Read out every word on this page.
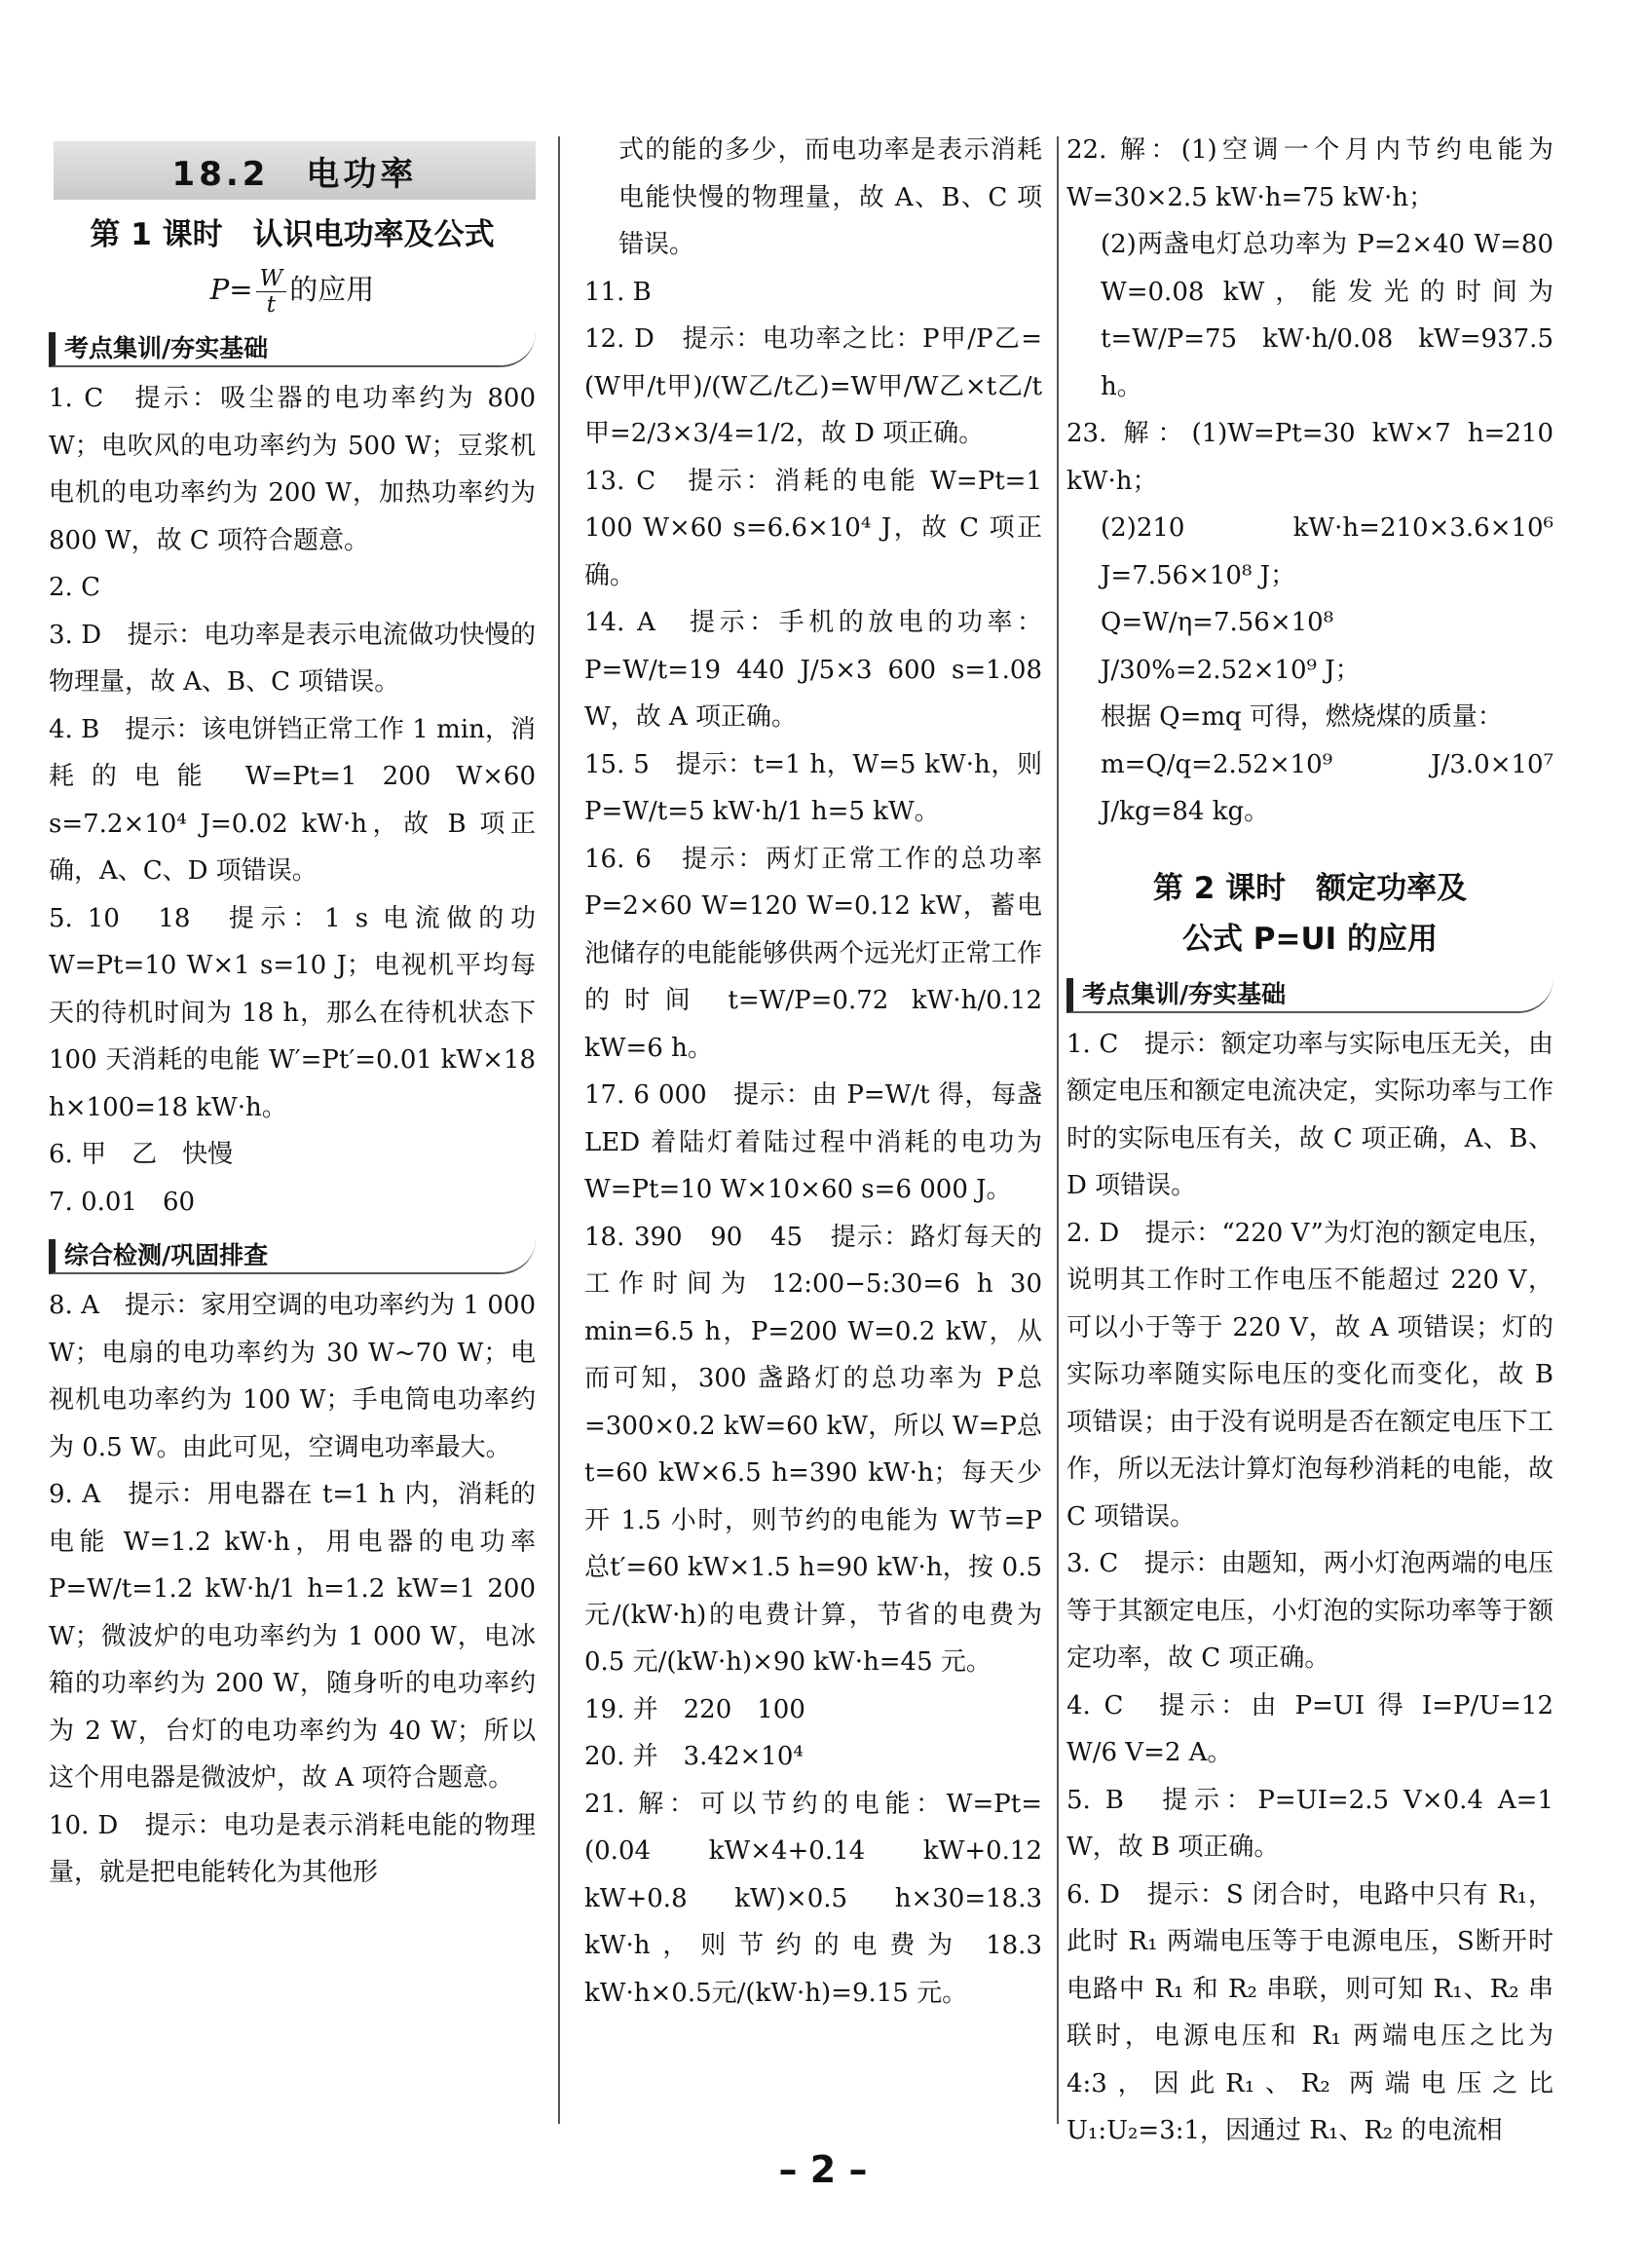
18.2　电功率
第 1 课时　认识电功率及公式
$P= \frac{W}{t}$ 的应用
考点集训/夯实基础
1. C　提示：吸尘器的电功率约为 800 W；电吹风的电功率约为 500 W；豆浆机电机的电功率约为 200 W，加热功率约为 800 W，故 C 项符合题意。
2. C
3. D　提示：电功率是表示电流做功快慢的物理量，故 A、B、C 项错误。
4. B　提示：该电饼铛正常工作 1 min，消耗的电能 W=Pt=1 200 W×60 s=7.2×10⁴ J=0.02 kW·h，故 B 项正确，A、C、D 项错误。
5. 10　18　提示：1 s 电流做的功 W=Pt=10 W×1 s=10 J；电视机平均每天的待机时间为 18 h，那么在待机状态下 100 天消耗的电能 W′=Pt′=0.01 kW×18 h×100=18 kW·h。
6. 甲　乙　快慢
7. 0.01　60
综合检测/巩固排查
8. A　提示：家用空调的电功率约为 1 000 W；电扇的电功率约为 30 W~70 W；电视机电功率约为 100 W；手电筒电功率约为 0.5 W。由此可见，空调电功率最大。
9. A　提示：用电器在 t=1 h 内，消耗的电能 W=1.2 kW·h，用电器的电功率 P=W/t=1.2 kW·h/1 h=1.2 kW=1 200 W；微波炉的电功率约为 1 000 W，电冰箱的功率约为 200 W，随身听的电功率约为 2 W，台灯的电功率约为 40 W；所以这个用电器是微波炉，故 A 项符合题意。
10. D　提示：电功是表示消耗电能的物理量，就是把电能转化为其他形
式的能的多少，而电功率是表示消耗电能快慢的物理量，故 A、B、C 项错误。
11. B
12. D　提示：电功率之比：P甲/P乙=(W甲/t甲)/(W乙/t乙)=W甲/W乙×t乙/t甲=2/3×3/4=1/2，故 D 项正确。
13. C　提示：消耗的电能 W=Pt=1 100 W×60 s=6.6×10⁴ J，故 C 项正确。
14. A　提示：手机的放电的功率：P=W/t=19 440 J/5×3 600 s=1.08 W，故 A 项正确。
15. 5　提示：t=1 h，W=5 kW·h，则 P=W/t=5 kW·h/1 h=5 kW。
16. 6　提示：两灯正常工作的总功率 P=2×60 W=120 W=0.12 kW，蓄电池储存的电能能够供两个远光灯正常工作的时间 t=W/P=0.72 kW·h/0.12 kW=6 h。
17. 6 000　提示：由 P=W/t 得，每盏 LED 着陆灯着陆过程中消耗的电功为 W=Pt=10 W×10×60 s=6 000 J。
18. 390　90　45　提示：路灯每天的工作时间为 12:00−5:30=6 h 30 min=6.5 h，P=200 W=0.2 kW，从而可知，300 盏路灯的总功率为 P总=300×0.2 kW=60 kW，所以 W=P总t=60 kW×6.5 h=390 kW·h；每天少开 1.5 小时，则节约的电能为 W节=P总t′=60 kW×1.5 h=90 kW·h，按 0.5 元/(kW·h)的电费计算，节省的电费为0.5 元/(kW·h)×90 kW·h=45 元。
19. 并　220　100
20. 并　3.42×10⁴
21. 解：可以节约的电能：W=Pt=(0.04 kW×4+0.14 kW+0.12 kW+0.8 kW)×0.5 h×30=18.3 kW·h，则节约的电费为 18.3 kW·h×0.5元/(kW·h)=9.15 元。
22. 解：(1)空调一个月内节约电能为 W=30×2.5 kW·h=75 kW·h；
(2)两盏电灯总功率为 P=2×40 W=80 W=0.08 kW，能发光的时间为 t=W/P=75 kW·h/0.08 kW=937.5 h。
23. 解：(1)W=Pt=30 kW×7 h=210 kW·h；
(2)210 kW·h=210×3.6×10⁶ J=7.56×10⁸ J；
Q=W/η=7.56×10⁸ J/30%=2.52×10⁹ J；
根据 Q=mq 可得，燃烧煤的质量：
m=Q/q=2.52×10⁹ J/3.0×10⁷ J/kg=84 kg。
第 2 课时　额定功率及
公式 P=UI 的应用
考点集训/夯实基础
1. C　提示：额定功率与实际电压无关，由额定电压和额定电流决定，实际功率与工作时的实际电压有关，故 C 项正确，A、B、D 项错误。
2. D　提示：“220 V”为灯泡的额定电压，说明其工作时工作电压不能超过 220 V，可以小于等于 220 V，故 A 项错误；灯的实际功率随实际电压的变化而变化，故 B 项错误；由于没有说明是否在额定电压下工作，所以无法计算灯泡每秒消耗的电能，故 C 项错误。
3. C　提示：由题知，两小灯泡两端的电压等于其额定电压，小灯泡的实际功率等于额定功率，故 C 项正确。
4. C　提示：由 P=UI 得 I=P/U=12 W/6 V=2 A。
5. B　提示：P=UI=2.5 V×0.4 A=1 W，故 B 项正确。
6. D　提示：S 闭合时，电路中只有 R₁，此时 R₁ 两端电压等于电源电压，S断开时电路中 R₁ 和 R₂ 串联，则可知 R₁、R₂ 串联时，电源电压和 R₁ 两端电压之比为 4:3，因此R₁、R₂ 两端电压之比 U₁:U₂=3:1，因通过 R₁、R₂ 的电流相
– 2 –
